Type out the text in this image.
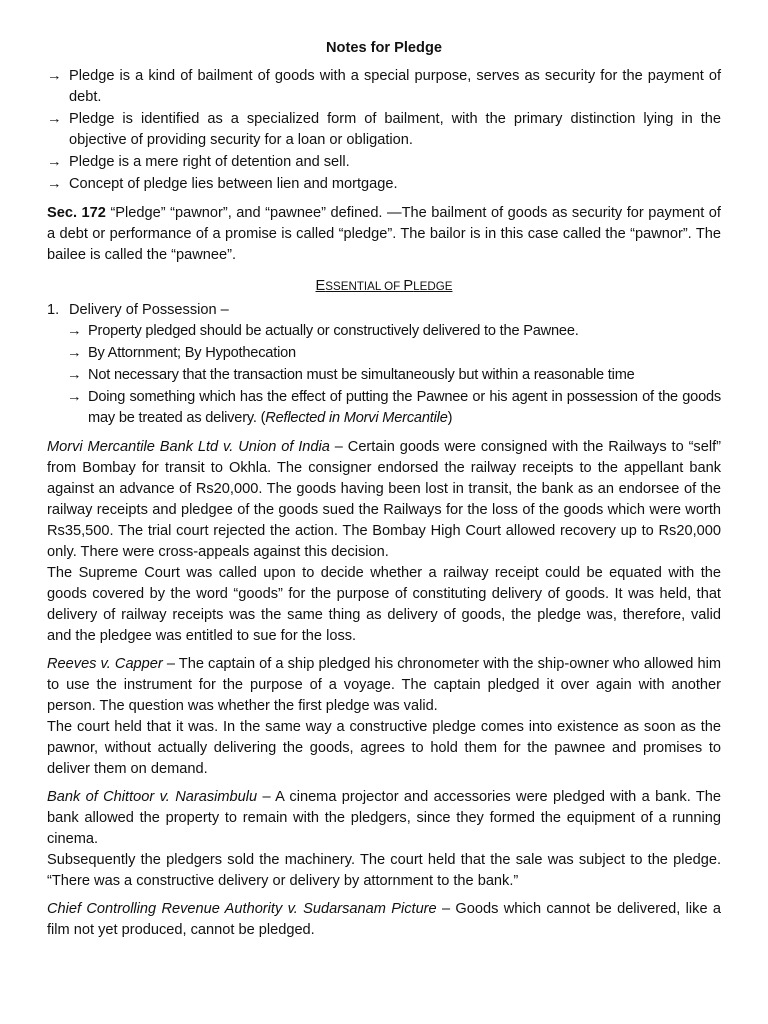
Notes for Pledge
→ Pledge is a kind of bailment of goods with a special purpose, serves as security for the payment of debt.
→ Pledge is identified as a specialized form of bailment, with the primary distinction lying in the objective of providing security for a loan or obligation.
→ Pledge is a mere right of detention and sell.
→ Concept of pledge lies between lien and mortgage.

Sec. 172 “Pledge” “pawnor”, and “pawnee” defined. —The bailment of goods as security for payment of a debt or performance of a promise is called “pledge”. The bailor is in this case called the “pawnor”. The bailee is called the “pawnee”.

ESSENTIAL OF PLEDGE
1. Delivery of Possession –
→ Property pledged should be actually or constructively delivered to the Pawnee.
→ By Attornment; By Hypothecation
→ Not necessary that the transaction must be simultaneously but within a reasonable time
→ Doing something which has the effect of putting the Pawnee or his agent in possession of the goods may be treated as delivery. (Reflected in Morvi Mercantile)

Morvi Mercantile Bank Ltd v. Union of India – Certain goods were consigned with the Railways to “self” from Bombay for transit to Okhla. The consigner endorsed the railway receipts to the appellant bank against an advance of Rs20,000. The goods having been lost in transit, the bank as an endorsee of the railway receipts and pledgee of the goods sued the Railways for the loss of the goods which were worth Rs35,500. The trial court rejected the action. The Bombay High Court allowed recovery up to Rs20,000 only. There were cross-appeals against this decision.

The Supreme Court was called upon to decide whether a railway receipt could be equated with the goods covered by the word “goods” for the purpose of constituting delivery of goods. It was held, that delivery of railway receipts was the same thing as delivery of goods, the pledge was, therefore, valid and the pledgee was entitled to sue for the loss.

Reeves v. Capper – The captain of a ship pledged his chronometer with the ship-owner who allowed him to use the instrument for the purpose of a voyage. The captain pledged it over again with another person. The question was whether the first pledge was valid.

The court held that it was. In the same way a constructive pledge comes into existence as soon as the pawnor, without actually delivering the goods, agrees to hold them for the pawnee and promises to deliver them on demand.

Bank of Chittoor v. Narasimbulu – A cinema projector and accessories were pledged with a bank. The bank allowed the property to remain with the pledgers, since they formed the equipment of a running cinema.

Subsequently the pledgers sold the machinery. The court held that the sale was subject to the pledge. “There was a constructive delivery or delivery by attornment to the bank.”

Chief Controlling Revenue Authority v. Sudarsanam Picture – Goods which cannot be delivered, like a film not yet produced, cannot be pledged.
